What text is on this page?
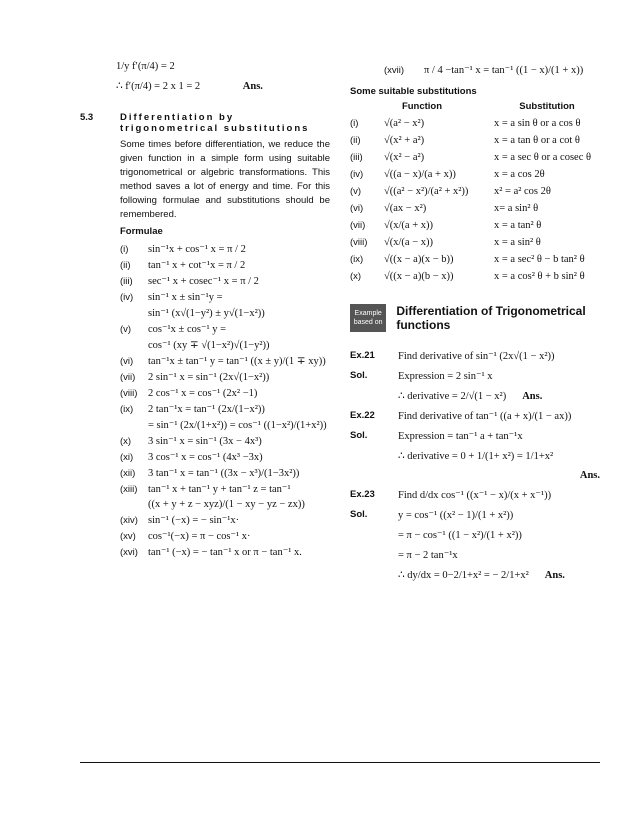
1/y f′(π/4) = 2
∴ f′(π/4) = 2 x 1 = 2	Ans.
5.3	Differentiation by trigonometrical substitutions
Some times before differentiation, we reduce the given function in a simple form using suitable trigonometrical or algebric transformations. This method saves a lot of energy and time. For this following formulae and substitutions should be remembered.
Formulae
(i)	sin⁻¹x + cos⁻¹ x = π / 2
(ii)	tan⁻¹ x + cot⁻¹x = π / 2
(iii)	sec⁻¹ x + cosec⁻¹ x = π / 2
(iv)	sin⁻¹ x ± sin⁻¹y =
sin⁻¹ (x√(1−y²) ± y√(1−x²))
(v)	cos⁻¹x ± cos⁻¹ y =
cos⁻¹ (xy ∓ √(1−x²)√(1−y²))
(vi)	tan⁻¹x ± tan⁻¹ y = tan⁻¹ ((x ± y)/(1 ∓ xy))
(vii)	2 sin⁻¹ x = sin⁻¹ (2x√(1−x²))
(viii)	2 cos⁻¹ x = cos⁻¹ (2x² −1)
(ix)	2 tan⁻¹x = tan⁻¹ (2x/(1−x²))
= sin⁻¹ (2x/(1+x²)) = cos⁻¹ ((1−x²)/(1+x²))
(x)	3 sin⁻¹ x = sin⁻¹ (3x − 4x³)
(xi)	3 cos⁻¹ x = cos⁻¹ (4x³ −3x)
(xii)	3 tan⁻¹ x = tan⁻¹ ((3x − x³)/(1−3x²))
(xiii)	tan⁻¹ x + tan⁻¹ y + tan⁻¹ z = tan⁻¹
((x + y + z − xyz)/(1 − xy − yz − zx))
(xiv) sin⁻¹ (−x) = − sin⁻¹x·
(xv)	cos⁻¹(−x) = π − cos⁻¹ x·
(xvi) tan⁻¹ (−x) = − tan⁻¹ x or π − tan⁻¹ x.
(xvii)	π / 4 −tan⁻¹ x = tan⁻¹ ((1 − x)/(1 + x))
Some suitable substitutions
Function	Substitution
(i)	√(a² − x²)	x = a sin θ or a cos θ
(ii)	√(x² + a²)	x = a tan θ or a cot θ
(iii)	√(x² − a²)	x = a sec θ or a cosec θ
(iv)	√((a − x)/(a + x))	x = a cos 2θ
(v)	√((a² − x²)/(a² + x²))	x² = a² cos 2θ
(vi)	√(ax − x²)	x= a sin² θ
(vii)	√(x/(a + x))	x = a tan² θ
(viii)	√(x/(a − x))	x = a sin² θ
(ix)	√((x − a)(x − b))	x = a sec² θ − b tan² θ
(x)	√((x − a)(b − x))	x = a cos² θ + b sin² θ
Example
based on
Differentiation of Trigonometrical functions
Ex.21	Find derivative of sin⁻¹ (2x√(1 − x²))
Sol.	Expression = 2 sin⁻¹ x
∴ derivative = 2/√(1 − x²) Ans.
Ex.22	Find derivative of tan⁻¹ ((a + x)/(1 − ax))
Sol.	Expression = tan⁻¹ a + tan⁻¹x
∴ derivative = 0 + 1/(1+ x²) = 1/1+x²
Ans.
Ex.23	Find d/dx cos⁻¹ ((x⁻¹ − x)/(x + x⁻¹))
Sol.	y = cos⁻¹ ((x² − 1)/(1 + x²))
= π − cos⁻¹ ((1 − x²)/(1 + x²))
= π − 2 tan⁻¹x
∴ dy/dx = 0−2/1+x² = − 2/1+x² Ans.
